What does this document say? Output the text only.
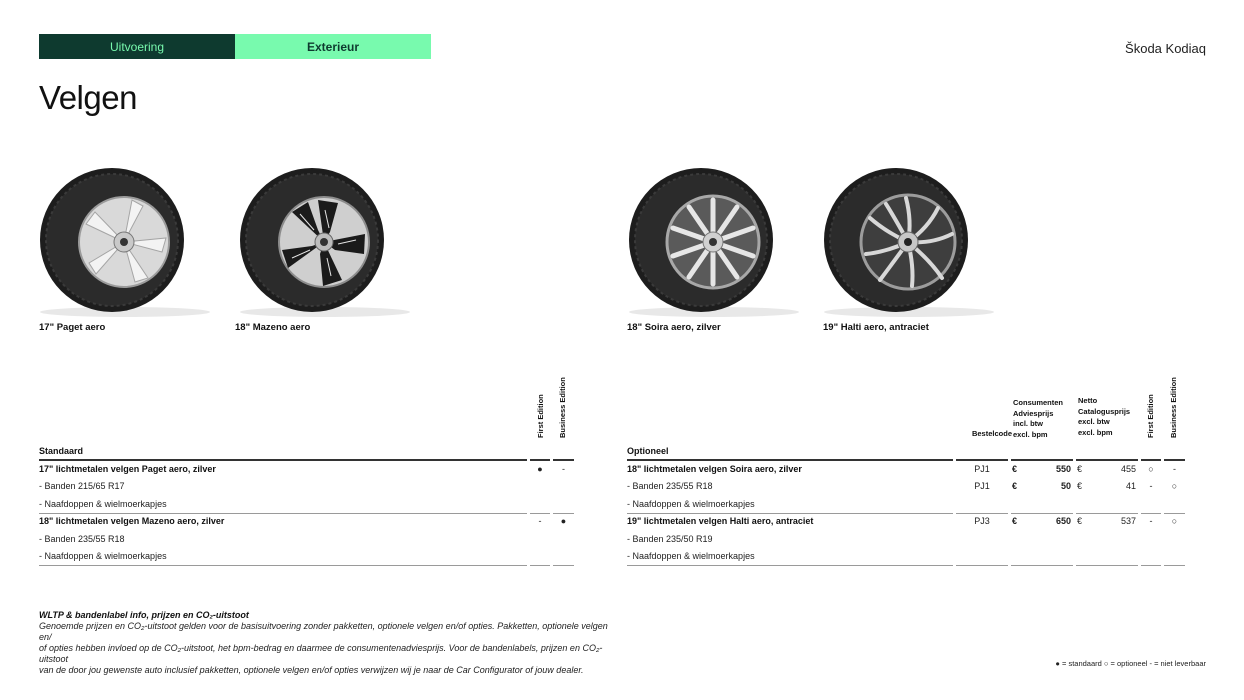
Uitvoering	Exterieur	Škoda Kodiaq
Velgen
17" Paget aero	18" Mazeno aero	18" Soira aero, zilver	19" Halti aero, antraciet
First Edition Business Edition
Standaard
17" lichtmetalen velgen Paget aero, zilver	●	-
- Banden 215/65 R17
- Naafdoppen & wielmoerkapjes
18" lichtmetalen velgen Mazeno aero, zilver	-	●
- Banden 235/55 R18
- Naafdoppen & wielmoerkapjes
Bestelcode
Consumenten
Adviesprijs
incl. btw
excl. bpm
Netto
Catalogusprijs
excl. btw
excl. bpm	First Edition Business Edition
Optioneel
18" lichtmetalen velgen Soira aero, zilver	PJ1	€	550 €	455	○	-
- Banden 235/55 R18	PJ1	€	50 €	41	-	○
- Naafdoppen & wielmoerkapjes
19" lichtmetalen velgen Halti aero, antraciet	PJ3	€	650 €	537	-	○
- Banden 235/50 R19
- Naafdoppen & wielmoerkapjes
WLTP & bandenlabel info, prijzen en CO₂-uitstoot
Genoemde prijzen en CO₂-uitstoot gelden voor de basisuitvoering zonder pakketten, optionele velgen en/of opties. Pakketten, optionele velgen en/
of opties hebben invloed op de CO₂-uitstoot, het bpm-bedrag en daarmee de consumentenadviesprijs. Voor de bandenlabels, prijzen en CO₂-uitstoot
van de door jou gewenste auto inclusief pakketten, optionele velgen en/of opties verwijzen wij je naar de Car Configurator of jouw dealer.
● = standaard ○ = optioneel - = niet leverbaar
